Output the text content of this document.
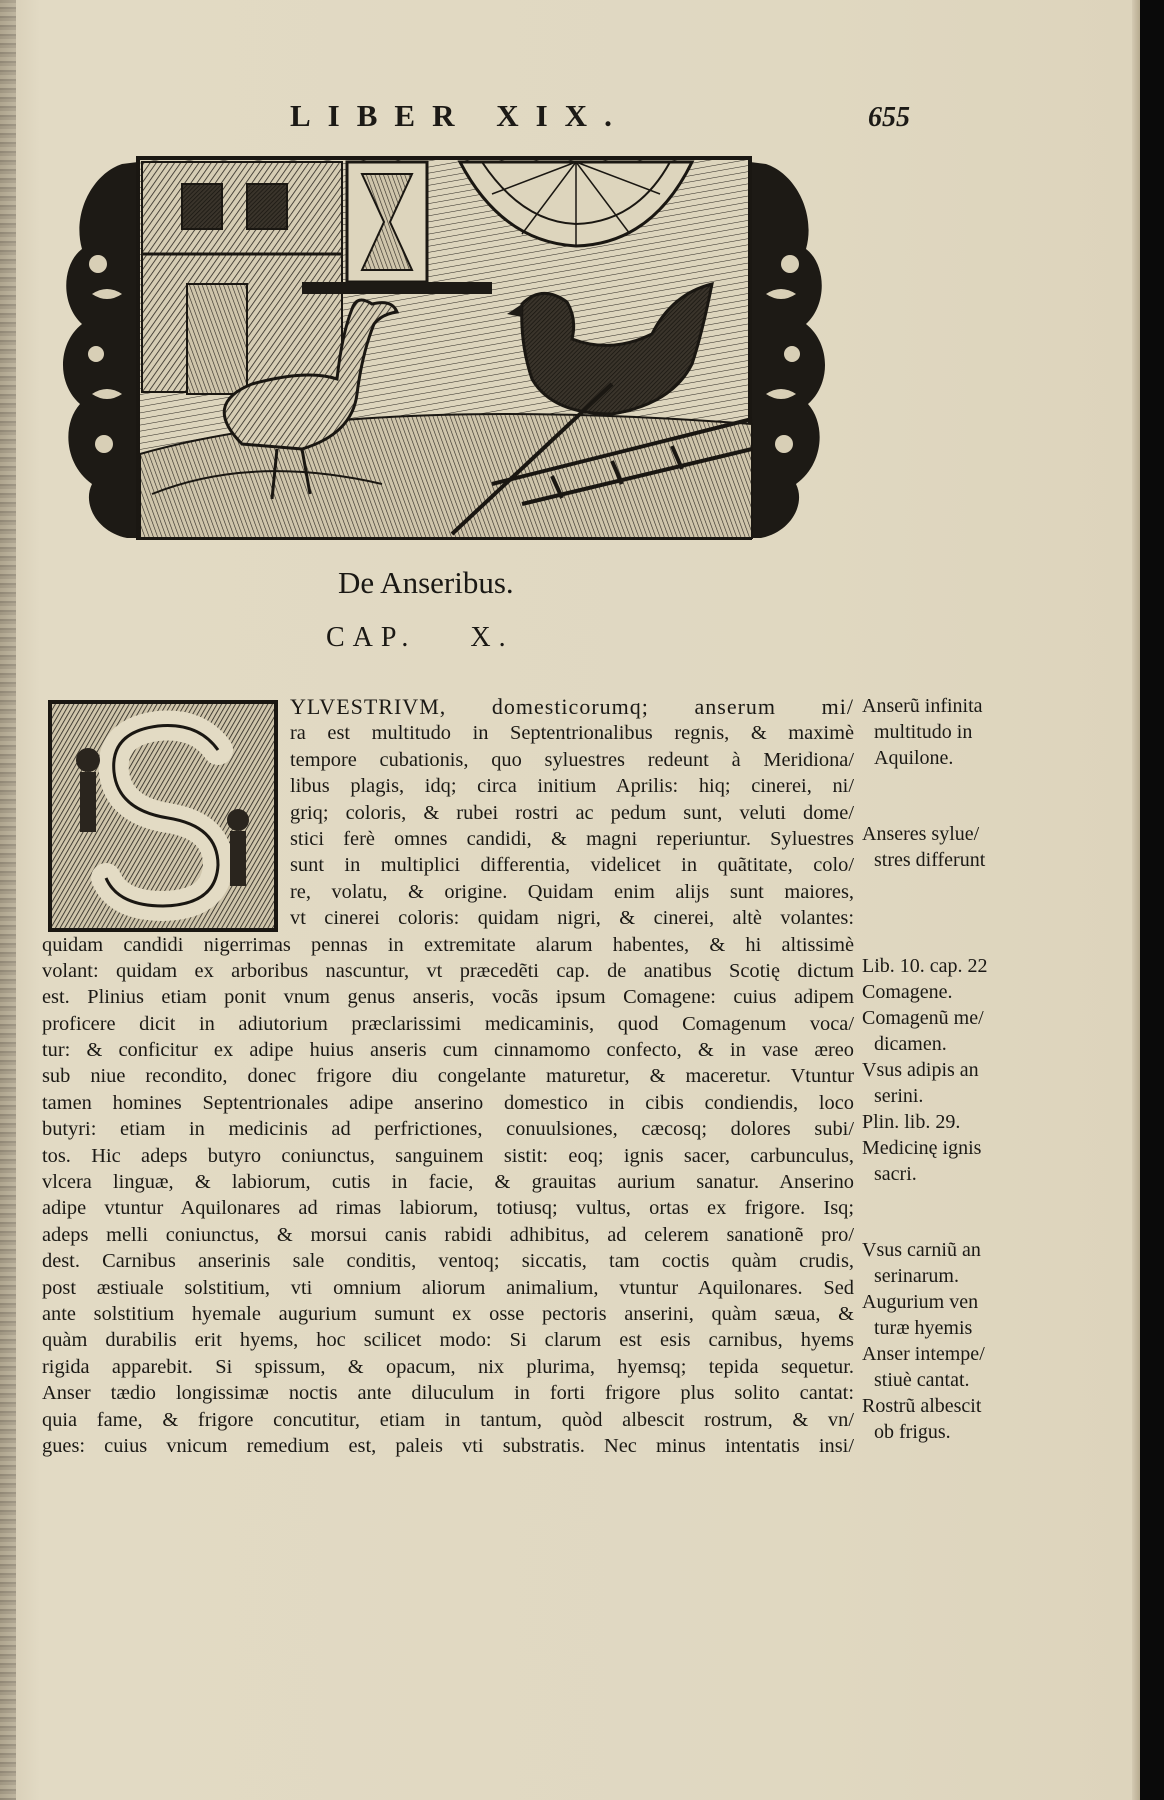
LIBER XIX.	655
De Anseribus.
CAP. X.
YLVESTRIVM, domesticorumq; anserum mi/
ra est multitudo in Septentrionalibus regnis, & maximè
tempore cubationis, quo syluestres redeunt à Meridiona/
libus plagis, idq; circa initium Aprilis: hiq; cinerei, ni/
griq; coloris, & rubei rostri ac pedum sunt, veluti dome/
stici ferè omnes candidi, & magni reperiuntur. Syluestres
sunt in multiplici differentia, videlicet in quãtitate, colo/
re, volatu, & origine. Quidam enim alijs sunt maiores,
vt cinerei coloris: quidam nigri, & cinerei, altè volantes:
quidam candidi nigerrimas pennas in extremitate alarum habentes, & hi altissimè
volant: quidam ex arboribus nascuntur, vt præcedẽti cap. de anatibus Scotię dictum
est. Plinius etiam ponit vnum genus anseris, vocãs ipsum Comagene: cuius adipem
proficere dicit in adiutorium præclarissimi medicaminis, quod Comagenum voca/
tur: & conficitur ex adipe huius anseris cum cinnamomo confecto, & in vase æreo
sub niue recondito, donec frigore diu congelante maturetur, & maceretur. Vtuntur
tamen homines Septentrionales adipe anserino domestico in cibis condiendis, loco
butyri: etiam in medicinis ad perfrictiones, conuulsiones, cæcosq; dolores subi/
tos. Hic adeps butyro coniunctus, sanguinem sistit: eoq; ignis sacer, carbunculus,
vlcera linguæ, & labiorum, cutis in facie, & grauitas aurium sanatur. Anserino
adipe vtuntur Aquilonares ad rimas labiorum, totiusq; vultus, ortas ex frigore. Isq;
adeps melli coniunctus, & morsui canis rabidi adhibitus, ad celerem sanationẽ pro/
dest. Carnibus anserinis sale conditis, ventoq; siccatis, tam coctis quàm crudis,
post æstiuale solstitium, vti omnium aliorum animalium, vtuntur Aquilonares. Sed
ante solstitium hyemale augurium sumunt ex osse pectoris anserini, quàm sæua, &
quàm durabilis erit hyems, hoc scilicet modo: Si clarum est esis carnibus, hyems
rigida apparebit. Si spissum, & opacum, nix plurima, hyemsq; tepida sequetur.
Anser tædio longissimæ noctis ante diluculum in forti frigore plus solito cantat:
quia fame, & frigore concutitur, etiam in tantum, quòd albescit rostrum, & vn/
gues: cuius vnicum remedium est, paleis vti substratis. Nec minus intentatis insi/
Anserũ infinita
multitudo in
Aquilone.
Anseres sylue/
stres differunt
Lib. 10. cap. 22
Comagene.
Comagenũ me/
dicamen.
Vsus adipis an
serini.
Plin. lib. 29.
Medicinę ignis
sacri.
Vsus carniũ an
serinarum.
Augurium ven
turæ hyemis
Anser intempe/
stiuè cantat.
Rostrũ albescit
ob frigus.
